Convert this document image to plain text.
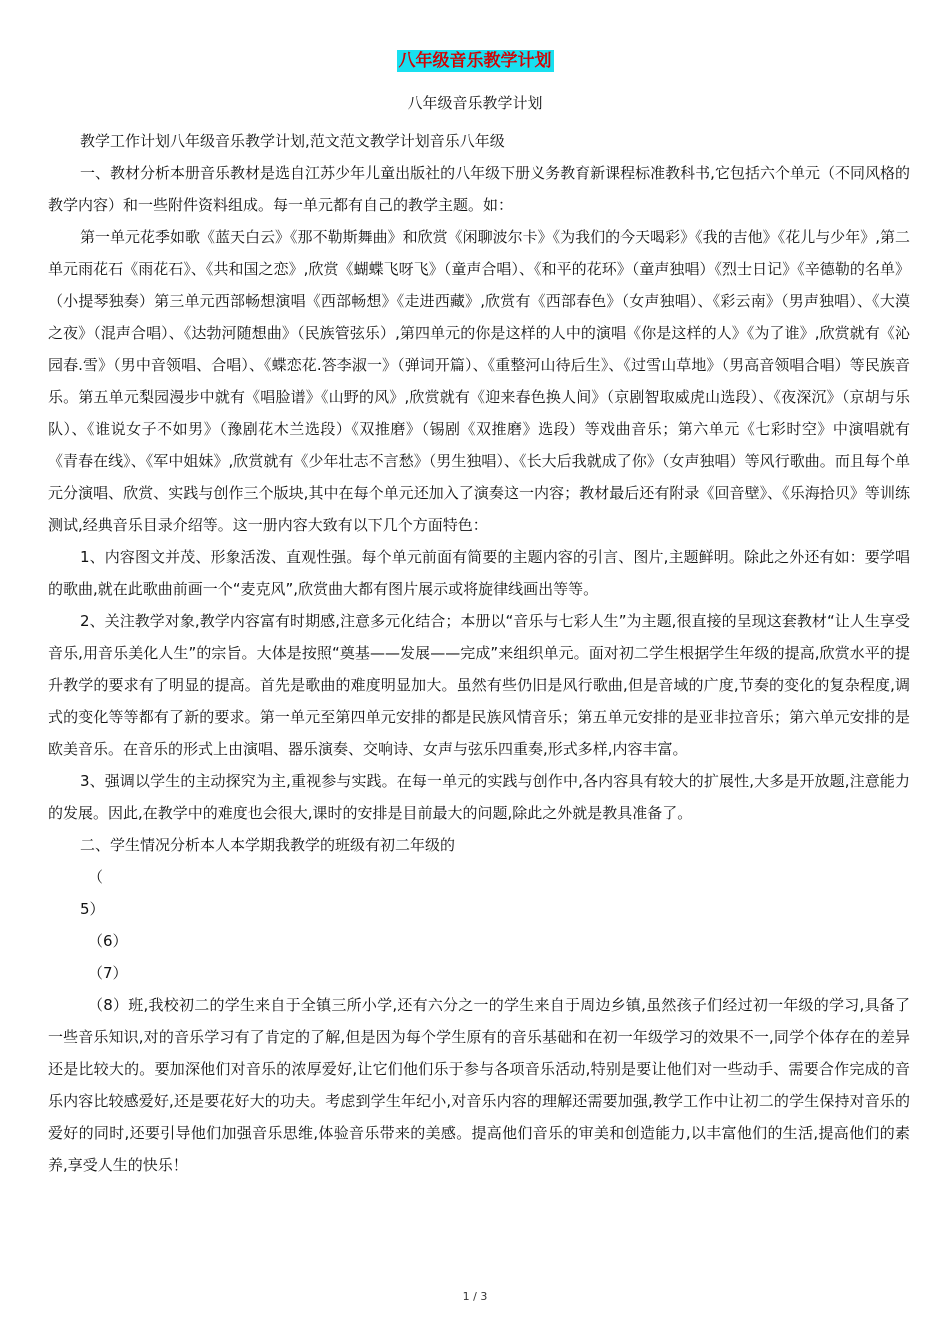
八年级音乐教学计划
八年级音乐教学计划

教学工作计划八年级音乐教学计划,范文范文教学计划音乐八年级

一、教材分析本册音乐教材是选自江苏少年儿童出版社的八年级下册义务教育新课程标准教科书,它包括六个单元（不同风格的教学内容）和一些附件资料组成。每一单元都有自己的教学主题。如：

第一单元花季如歌《蓝天白云》《那不勒斯舞曲》和欣赏《闲聊波尔卡》《为我们的今天喝彩》《我的吉他》《花儿与少年》,第二单元雨花石《雨花石》、《共和国之恋》,欣赏《蝴蝶飞呀飞》（童声合唱）、《和平的花环》（童声独唱）《烈士日记》《辛德勒的名单》（小提琴独奏）第三单元西部畅想演唱《西部畅想》《走进西藏》,欣赏有《西部春色》（女声独唱）、《彩云南》（男声独唱）、《大漠之夜》（混声合唱）、《达勃河随想曲》（民族管弦乐）,第四单元的你是这样的人中的演唱《你是这样的人》《为了谁》,欣赏就有《沁园春.雪》（男中音领唱、合唱）、《蝶恋花.答李淑一》（弹词开篇）、《重整河山待后生》、《过雪山草地》（男高音领唱合唱）等民族音乐。第五单元梨园漫步中就有《唱脸谱》《山野的风》,欣赏就有《迎来春色换人间》（京剧智取威虎山选段）、《夜深沉》（京胡与乐队）、《谁说女子不如男》（豫剧花木兰选段）《双推磨》（锡剧《双推磨》选段）等戏曲音乐；第六单元《七彩时空》中演唱就有《青春在线》、《军中姐妹》,欣赏就有《少年壮志不言愁》（男生独唱）、《长大后我就成了你》（女声独唱）等风行歌曲。而且每个单元分演唱、欣赏、实践与创作三个版块,其中在每个单元还加入了演奏这一内容；教材最后还有附录《回音壁》、《乐海拾贝》等训练测试,经典音乐目录介绍等。这一册内容大致有以下几个方面特色：

1、内容图文并茂、形象活泼、直观性强。每个单元前面有简要的主题内容的引言、图片,主题鲜明。除此之外还有如：要学唱的歌曲,就在此歌曲前画一个“麦克风”,欣赏曲大都有图片展示或将旋律线画出等等。

2、关注教学对象,教学内容富有时期感,注意多元化结合；本册以“音乐与七彩人生”为主题,很直接的呈现这套教材“让人生享受音乐,用音乐美化人生”的宗旨。大体是按照“奠基——发展——完成”来组织单元。面对初二学生根据学生年级的提高,欣赏水平的提升教学的要求有了明显的提高。首先是歌曲的难度明显加大。虽然有些仍旧是风行歌曲,但是音域的广度,节奏的变化的复杂程度,调式的变化等等都有了新的要求。第一单元至第四单元安排的都是民族风情音乐；第五单元安排的是亚非拉音乐；第六单元安排的是欧美音乐。在音乐的形式上由演唱、器乐演奏、交响诗、女声与弦乐四重奏,形式多样,内容丰富。

3、强调以学生的主动探究为主,重视参与实践。在每一单元的实践与创作中,各内容具有较大的扩展性,大多是开放题,注意能力的发展。因此,在教学中的难度也会很大,课时的安排是目前最大的问题,除此之外就是教具准备了。

二、学生情况分析本人本学期我教学的班级有初二年级的

（

5）

（6）

（7）

（8）班,我校初二的学生来自于全镇三所小学,还有六分之一的学生来自于周边乡镇,虽然孩子们经过初一年级的学习,具备了一些音乐知识,对的音乐学习有了肯定的了解,但是因为每个学生原有的音乐基础和在初一年级学习的效果不一,同学个体存在的差异还是比较大的。要加深他们对音乐的浓厚爱好,让它们他们乐于参与各项音乐活动,特别是要让他们对一些动手、需要合作完成的音乐内容比较感爱好,还是要花好大的功夫。考虑到学生年纪小,对音乐内容的理解还需要加强,教学工作中让初二的学生保持对音乐的爱好的同时,还要引导他们加强音乐思维,体验音乐带来的美感。提高他们音乐的审美和创造能力,以丰富他们的生活,提高他们的素养,享受人生的快乐！

1 / 3
